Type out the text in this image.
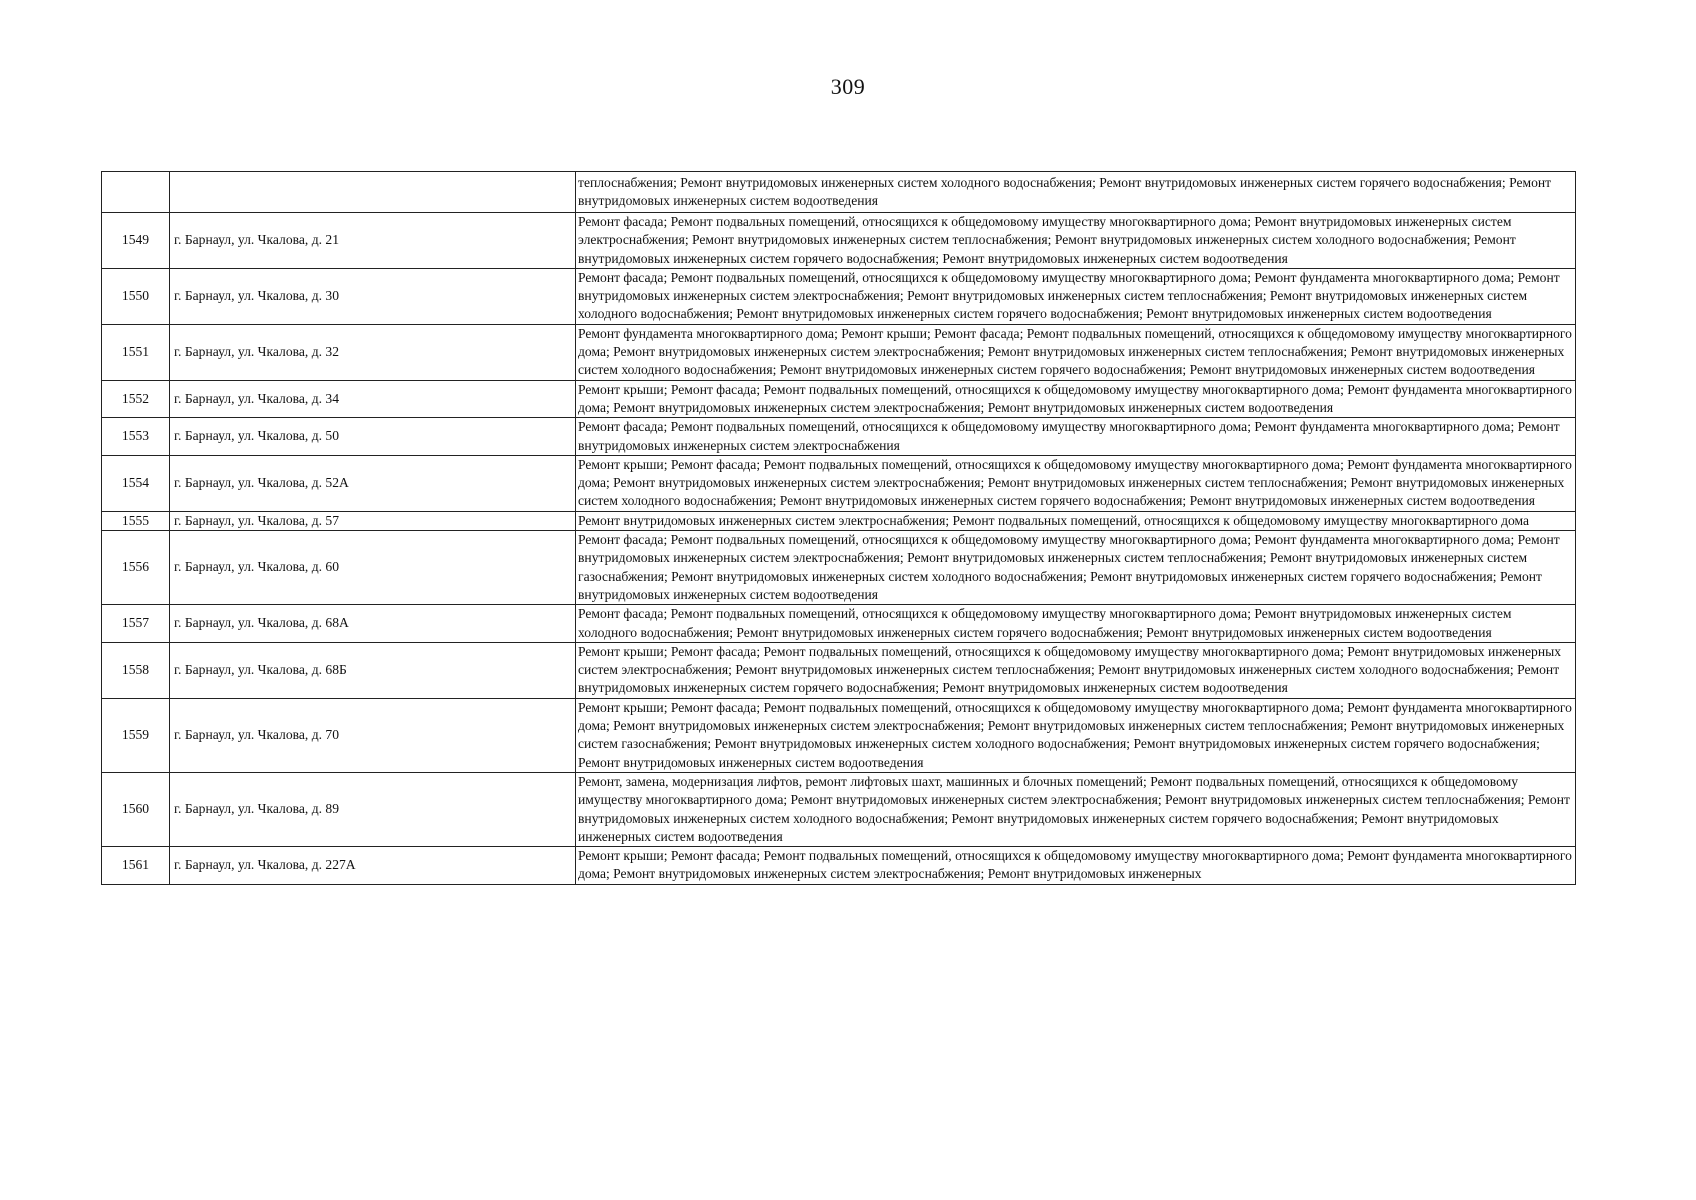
309
		теплоснабжения; Ремонт внутридомовых инженерных систем холодного водоснабжения; Ремонт внутридомовых инженерных систем горячего водоснабжения; Ремонт внутридомовых инженерных систем водоотведения
1549	г. Барнаул, ул. Чкалова, д. 21	Ремонт фасада; Ремонт подвальных помещений, относящихся к общедомовому имуществу многоквартирного дома; Ремонт внутридомовых инженерных систем электроснабжения; Ремонт внутридомовых инженерных систем теплоснабжения; Ремонт внутридомовых инженерных систем холодного водоснабжения; Ремонт внутридомовых инженерных систем горячего водоснабжения; Ремонт внутридомовых инженерных систем водоотведения
1550	г. Барнаул, ул. Чкалова, д. 30	Ремонт фасада; Ремонт подвальных помещений, относящихся к общедомовому имуществу многоквартирного дома; Ремонт фундамента многоквартирного дома; Ремонт внутридомовых инженерных систем электроснабжения; Ремонт внутридомовых инженерных систем теплоснабжения; Ремонт внутридомовых инженерных систем холодного водоснабжения; Ремонт внутридомовых инженерных систем горячего водоснабжения; Ремонт внутридомовых инженерных систем водоотведения
1551	г. Барнаул, ул. Чкалова, д. 32	Ремонт фундамента многоквартирного дома; Ремонт крыши; Ремонт фасада; Ремонт подвальных помещений, относящихся к общедомовому имуществу многоквартирного дома; Ремонт внутридомовых инженерных систем электроснабжения; Ремонт внутридомовых инженерных систем теплоснабжения; Ремонт внутридомовых инженерных систем холодного водоснабжения; Ремонт внутридомовых инженерных систем горячего водоснабжения; Ремонт внутридомовых инженерных систем водоотведения
1552	г. Барнаул, ул. Чкалова, д. 34	Ремонт крыши; Ремонт фасада; Ремонт подвальных помещений, относящихся к общедомовому имуществу многоквартирного дома; Ремонт фундамента многоквартирного дома; Ремонт внутридомовых инженерных систем электроснабжения; Ремонт внутридомовых инженерных систем водоотведения
1553	г. Барнаул, ул. Чкалова, д. 50	Ремонт фасада; Ремонт подвальных помещений, относящихся к общедомовому имуществу многоквартирного дома; Ремонт фундамента многоквартирного дома; Ремонт внутридомовых инженерных систем электроснабжения
1554	г. Барнаул, ул. Чкалова, д. 52А	Ремонт крыши; Ремонт фасада; Ремонт подвальных помещений, относящихся к общедомовому имуществу многоквартирного дома; Ремонт фундамента многоквартирного дома; Ремонт внутридомовых инженерных систем электроснабжения; Ремонт внутридомовых инженерных систем теплоснабжения; Ремонт внутридомовых инженерных систем холодного водоснабжения; Ремонт внутридомовых инженерных систем горячего водоснабжения; Ремонт внутридомовых инженерных систем водоотведения
1555	г. Барнаул, ул. Чкалова, д. 57	Ремонт внутридомовых инженерных систем электроснабжения; Ремонт подвальных помещений, относящихся к общедомовому имуществу многоквартирного дома
1556	г. Барнаул, ул. Чкалова, д. 60	Ремонт фасада; Ремонт подвальных помещений, относящихся к общедомовому имуществу многоквартирного дома; Ремонт фундамента многоквартирного дома; Ремонт внутридомовых инженерных систем электроснабжения; Ремонт внутридомовых инженерных систем теплоснабжения; Ремонт внутридомовых инженерных систем газоснабжения; Ремонт внутридомовых инженерных систем холодного водоснабжения; Ремонт внутридомовых инженерных систем горячего водоснабжения; Ремонт внутридомовых инженерных систем водоотведения
1557	г. Барнаул, ул. Чкалова, д. 68А	Ремонт фасада; Ремонт подвальных помещений, относящихся к общедомовому имуществу многоквартирного дома; Ремонт внутридомовых инженерных систем холодного водоснабжения; Ремонт внутридомовых инженерных систем горячего водоснабжения; Ремонт внутридомовых инженерных систем водоотведения
1558	г. Барнаул, ул. Чкалова, д. 68Б	Ремонт крыши; Ремонт фасада; Ремонт подвальных помещений, относящихся к общедомовому имуществу многоквартирного дома; Ремонт внутридомовых инженерных систем электроснабжения; Ремонт внутридомовых инженерных систем теплоснабжения; Ремонт внутридомовых инженерных систем холодного водоснабжения; Ремонт внутридомовых инженерных систем горячего водоснабжения; Ремонт внутридомовых инженерных систем водоотведения
1559	г. Барнаул, ул. Чкалова, д. 70	Ремонт крыши; Ремонт фасада; Ремонт подвальных помещений, относящихся к общедомовому имуществу многоквартирного дома; Ремонт фундамента многоквартирного дома; Ремонт внутридомовых инженерных систем электроснабжения; Ремонт внутридомовых инженерных систем теплоснабжения; Ремонт внутридомовых инженерных систем газоснабжения; Ремонт внутридомовых инженерных систем холодного водоснабжения; Ремонт внутридомовых инженерных систем горячего водоснабжения; Ремонт внутридомовых инженерных систем водоотведения
1560	г. Барнаул, ул. Чкалова, д. 89	Ремонт, замена, модернизация лифтов, ремонт лифтовых шахт, машинных и блочных помещений; Ремонт подвальных помещений, относящихся к общедомовому имуществу многоквартирного дома; Ремонт внутридомовых инженерных систем электроснабжения; Ремонт внутридомовых инженерных систем теплоснабжения; Ремонт внутридомовых инженерных систем холодного водоснабжения; Ремонт внутридомовых инженерных систем горячего водоснабжения; Ремонт внутридомовых инженерных систем водоотведения
1561	г. Барнаул, ул. Чкалова, д. 227А	Ремонт крыши; Ремонт фасада; Ремонт подвальных помещений, относящихся к общедомовому имуществу многоквартирного дома; Ремонт фундамента многоквартирного дома; Ремонт внутридомовых инженерных систем электроснабжения; Ремонт внутридомовых инженерных
